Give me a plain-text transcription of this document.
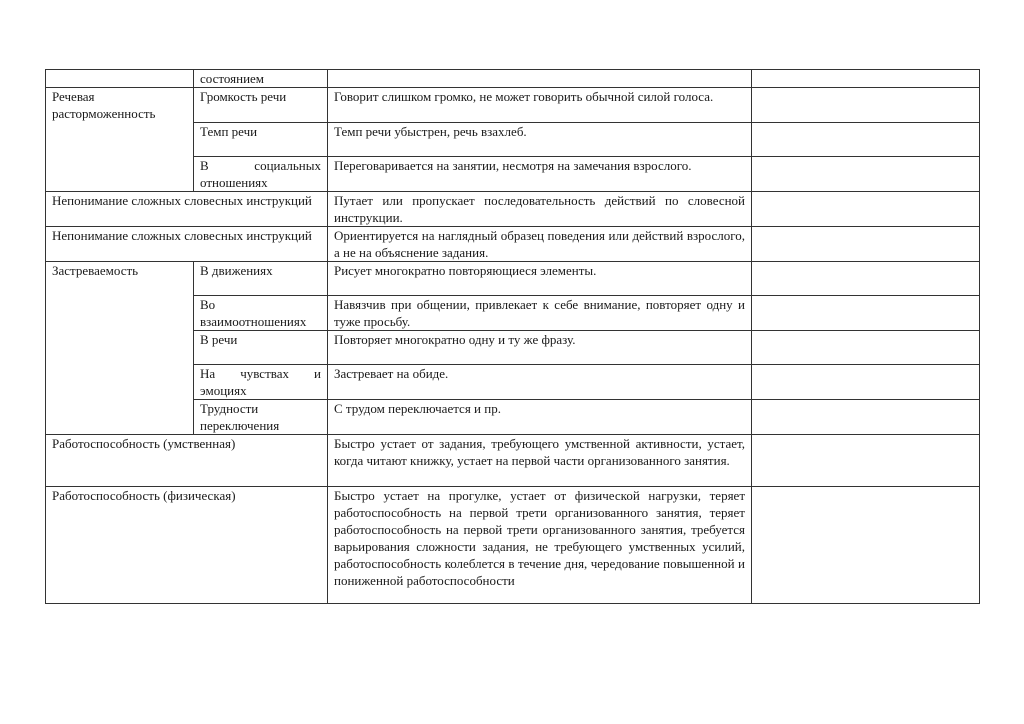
	состоянием		
Речевая расторможенность	Громкость речи	Говорит слишком громко, не может говорить обычной силой голоса.	
	Темп речи	Темп речи убыстрен, речь взахлеб.	
	В социальных отношениях	Переговаривается на занятии, несмотря на замечания взрослого.	
Непонимание сложных словесных инструкций		Путает или пропускает последовательность действий по словесной инструкции.	
Непонимание сложных словесных инструкций		Ориентируется на наглядный образец поведения или действий взрослого, а не на объяснение задания.	
Застреваемость	В движениях	Рисует многократно повторяющиеся элементы.	
	Во взаимоотношениях	Навязчив при общении, привлекает к себе внимание, повторяет одну и туже просьбу.	
	В речи	Повторяет многократно одну и ту же фразу.	
	На чувствах и эмоциях	Застревает на обиде.	
	Трудности переключения	С трудом переключается и пр.	
Работоспособность (умственная)		Быстро устает от задания, требующего умственной активности, устает, когда читают книжку, устает на первой части организованного занятия.	
Работоспособность (физическая)		Быстро устает на прогулке, устает от физической нагрузки, теряет работоспособность на первой трети организованного занятия, теряет работоспособность на первой трети организованного занятия, требуется варьирования сложности задания, не требующего умственных усилий, работоспособность колеблется в течение дня, чередование повышенной и пониженной работоспособности	
